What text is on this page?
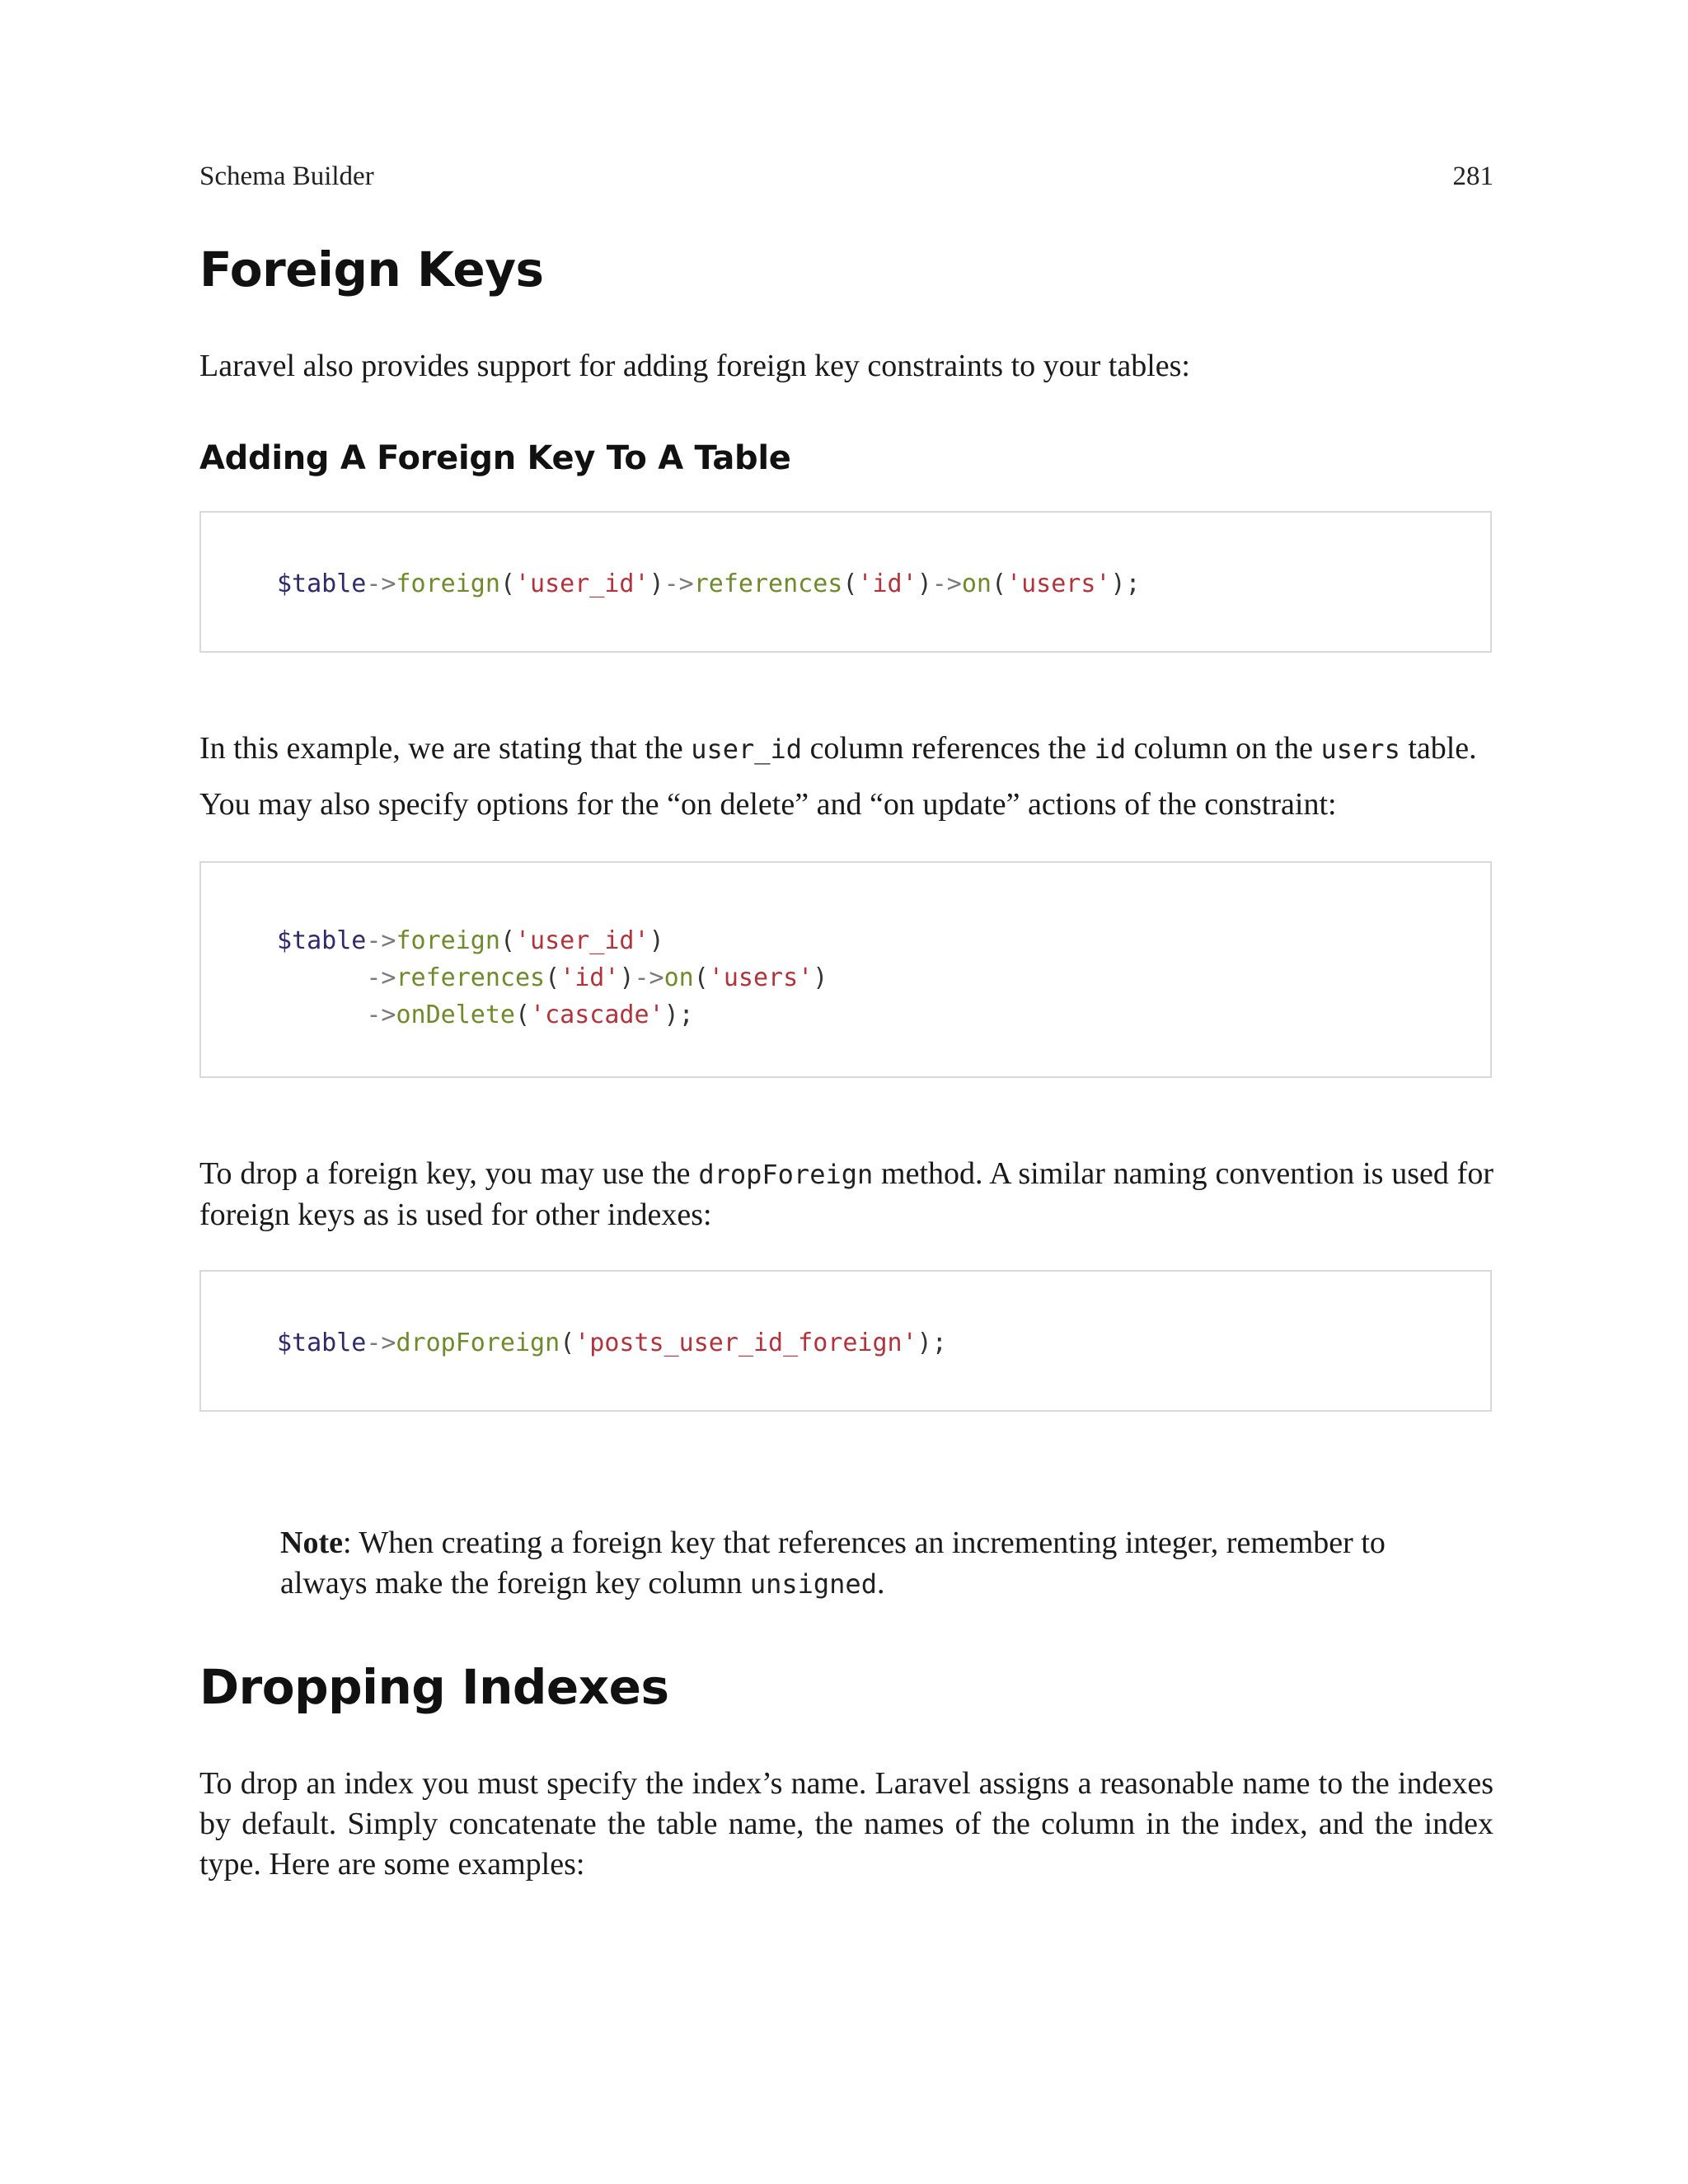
Schema Builder	281
Foreign Keys

Laravel also provides support for adding foreign key constraints to your tables:

Adding A Foreign Key To A Table
$table->foreign('user_id')->references('id')->on('users');

In this example, we are stating that the user_id column references the id column on the users table.

You may also specify options for the “on delete” and “on update” actions of the constraint:

$table->foreign('user_id')
->references('id')->on('users')
->onDelete('cascade');

To drop a foreign key, you may use the dropForeign method. A similar naming convention is used for foreign keys as is used for other indexes:

$table->dropForeign('posts_user_id_foreign');

Note: When creating a foreign key that references an incrementing integer, remember to always make the foreign key column unsigned.

Dropping Indexes

To drop an index you must specify the index’s name. Laravel assigns a reasonable name to the indexes by default. Simply concatenate the table name, the names of the column in the index, and the index type. Here are some examples:
